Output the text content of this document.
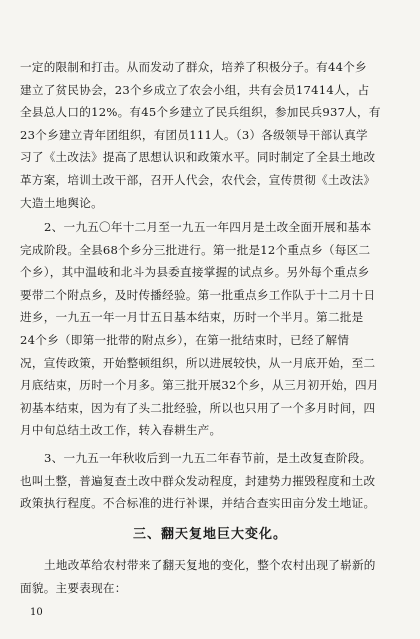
一定的限制和打击。从而发动了群众，培养了积极分子。有44个乡
建立了贫民协会，23个乡成立了农会小组，共有会员17414人，占
全县总人口的12%。有45个乡建立了民兵组织，参加民兵937人，有
23个乡建立青年团组织，有团员111人。（3）各级领导干部认真学
习了《土改法》提高了思想认识和政策水平。同时制定了全县土地改
革方案，培训土改干部，召开人代会，农代会，宣传贯彻《土改法》
大造土地舆论。
2、一九五〇年十二月至一九五一年四月是土改全面开展和基本
完成阶段。全县68个乡分三批进行。第一批是12个重点乡（每区二
个乡），其中温岐和北斗为县委直接掌握的试点乡。另外每个重点乡
要带二个附点乡，及时传播经验。第一批重点乡工作队于十二月十日
进乡，一九五一年一月廿五日基本结束，历时一个半月。第二批是
24个乡（即第一批带的附点乡），在第一批结束时，已经了解情
况，宣传政策，开始整顿组织，所以进展较快，从一月底开始，至二
月底结束，历时一个月多。第三批开展32个乡，从三月初开始，四月
初基本结束，因为有了头二批经验，所以也只用了一个多月时间，四
月中旬总结土改工作，转入春耕生产。
3、一九五一年秋收后到一九五二年春节前，是土改复查阶段。
也叫土整，普遍复查土改中群众发动程度，封建势力摧毁程度和土改
政策执行程度。不合标准的进行补课，并结合查实田亩分发土地证。
三、翻天复地巨大变化。
土地改革给农村带来了翻天复地的变化，整个农村出现了崭新的
面貌。主要表现在：
10
